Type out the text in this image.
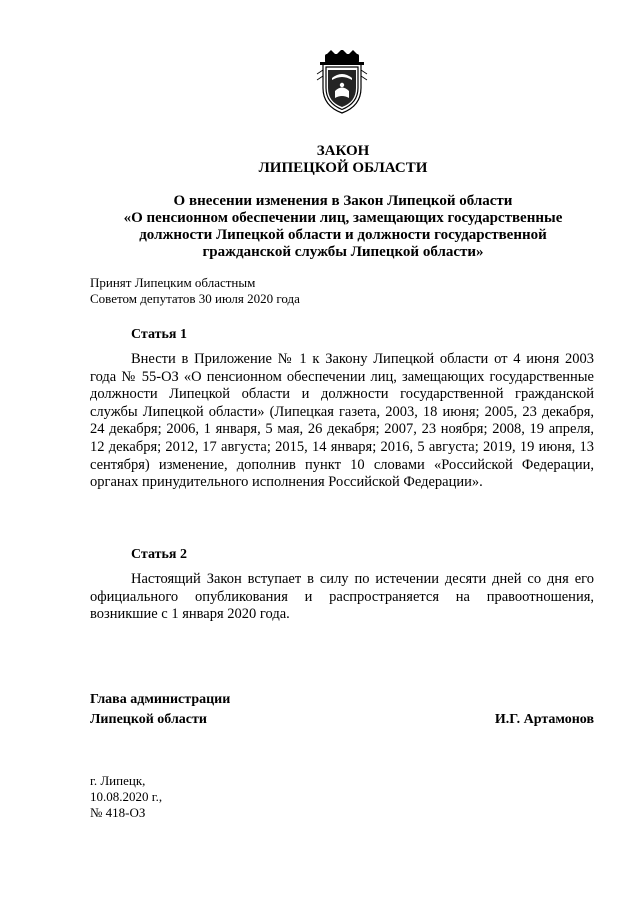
ЗАКОН

ЛИПЕЦКОЙ ОБЛАСТИ

О внесении изменения в Закон Липецкой области

«О пенсионном обеспечении лиц, замещающих государственные

должности Липецкой области и должности государственной

гражданской службы Липецкой области»

Принят Липецким областным

Советом депутатов 30 июля 2020 года

Статья 1

Внести в Приложение № 1 к Закону Липецкой области от 4 июня 2003 года № 55-ОЗ «О пенсионном обеспечении лиц, замещающих государственные должности Липецкой области и должности государственной гражданской службы Липецкой области» (Липецкая газета, 2003, 18 июня; 2005, 23 декабря, 24 декабря; 2006, 1 января, 5 мая, 26 декабря; 2007, 23 ноября; 2008, 19 апреля, 12 декабря; 2012, 17 августа; 2015, 14 января; 2016, 5 августа; 2019, 19 июня, 13 сентября) изменение, дополнив пункт 10 словами «Российской Федерации, органах принудительного исполнения Российской Федерации».

Статья 2

Настоящий Закон вступает в силу по истечении десяти дней со дня его официального опубликования и распространяется на правоотношения, возникшие с 1 января 2020 года.

Глава администрации
Липецкой области	И.Г. Артамонов
г. Липецк,
10.08.2020 г.,
№ 418-ОЗ
